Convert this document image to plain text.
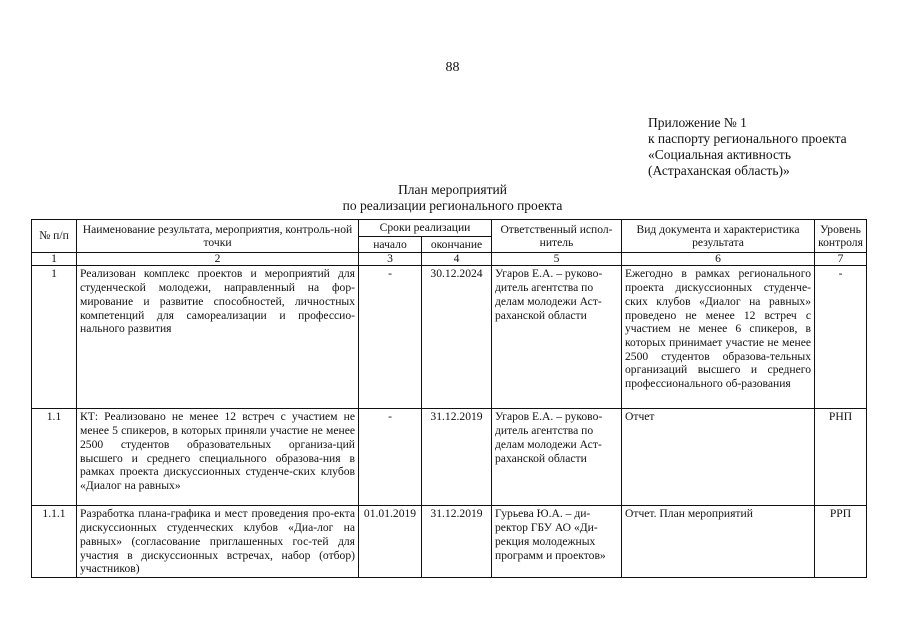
88
Приложение № 1
к паспорту регионального проекта
«Социальная активность
(Астраханская область)»
План мероприятий
по реализации регионального проекта
№ п/п	Наименование результата, мероприятия, контроль-ной точки	Сроки реализации		Ответственный испол-нитель	Вид документа и характеристика результата	Уровень контроля
		начало	окончание			
1	2	3	4	5	6	7
1	Реализован комплекс проектов и мероприятий для студенческой молодежи, направленный на фор-мирование и развитие способностей, личностных компетенций для самореализации и профессио-нального развития	-	30.12.2024	Угаров Е.А. – руково-дитель агентства по делам молодежи Аст-раханской области	Ежегодно в рамках регионального проекта дискуссионных студенче-ских клубов «Диалог на равных» проведено не менее 12 встреч с участием не менее 6 спикеров, в которых принимает участие не менее 2500 студентов образова-тельных организаций высшего и среднего профессионального об-разования	-
1.1	КТ: Реализовано не менее 12 встреч с участием не менее 5 спикеров, в которых приняли участие не менее 2500 студентов образовательных организа-ций высшего и среднего специального образова-ния в рамках проекта дискуссионных студенче-ских клубов «Диалог на равных»	-	31.12.2019	Угаров Е.А. – руково-дитель агентства по делам молодежи Аст-раханской области	Отчет	РНП
1.1.1	Разработка плана-графика и мест проведения про-екта дискуссионных студенческих клубов «Диа-лог на равных» (согласование приглашенных гос-тей для участия в дискуссионных встречах, набор (отбор) участников)	01.01.2019	31.12.2019	Гурьева Ю.А. – ди-ректор ГБУ АО «Ди-рекция молодежных программ и проектов»	Отчет. План мероприятий	РРП
